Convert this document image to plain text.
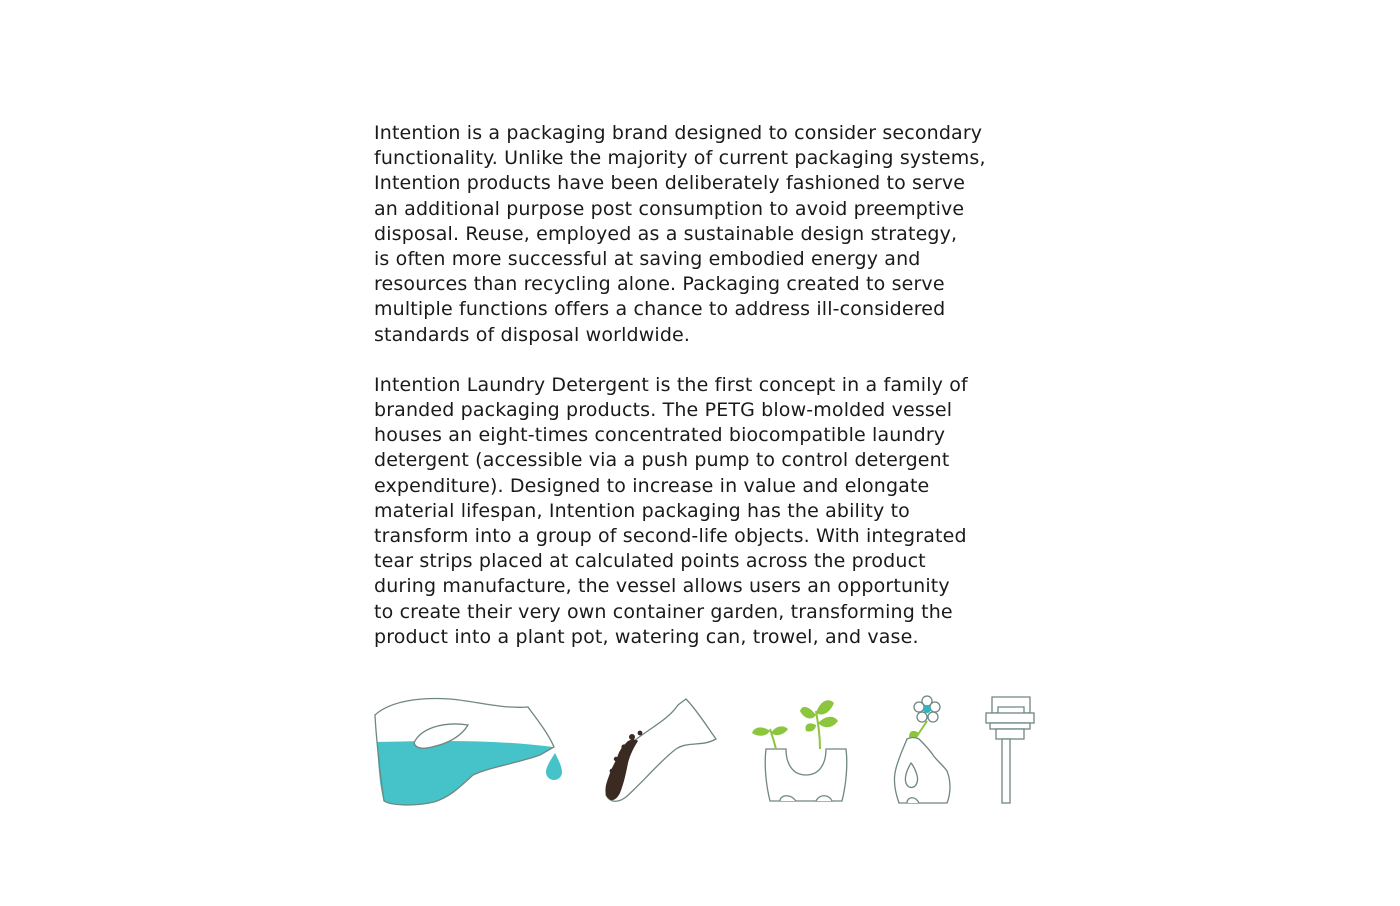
Intention is a packaging brand designed to consider secondary
functionality. Unlike the majority of current packaging systems,
Intention products have been deliberately fashioned to serve
an additional purpose post consumption to avoid preemptive
disposal. Reuse, employed as a sustainable design strategy,
is often more successful at saving embodied energy and
resources than recycling alone. Packaging created to serve
multiple functions offers a chance to address ill-considered
standards of disposal worldwide.

Intention Laundry Detergent is the first concept in a family of
branded packaging products. The PETG blow-molded vessel
houses an eight-times concentrated biocompatible laundry
detergent (accessible via a push pump to control detergent
expenditure). Designed to increase in value and elongate
material lifespan, Intention packaging has the ability to
transform into a group of second-life objects. With integrated
tear strips placed at calculated points across the product
during manufacture, the vessel allows users an opportunity
to create their very own container garden, transforming the
product into a plant pot, watering can, trowel, and vase.
